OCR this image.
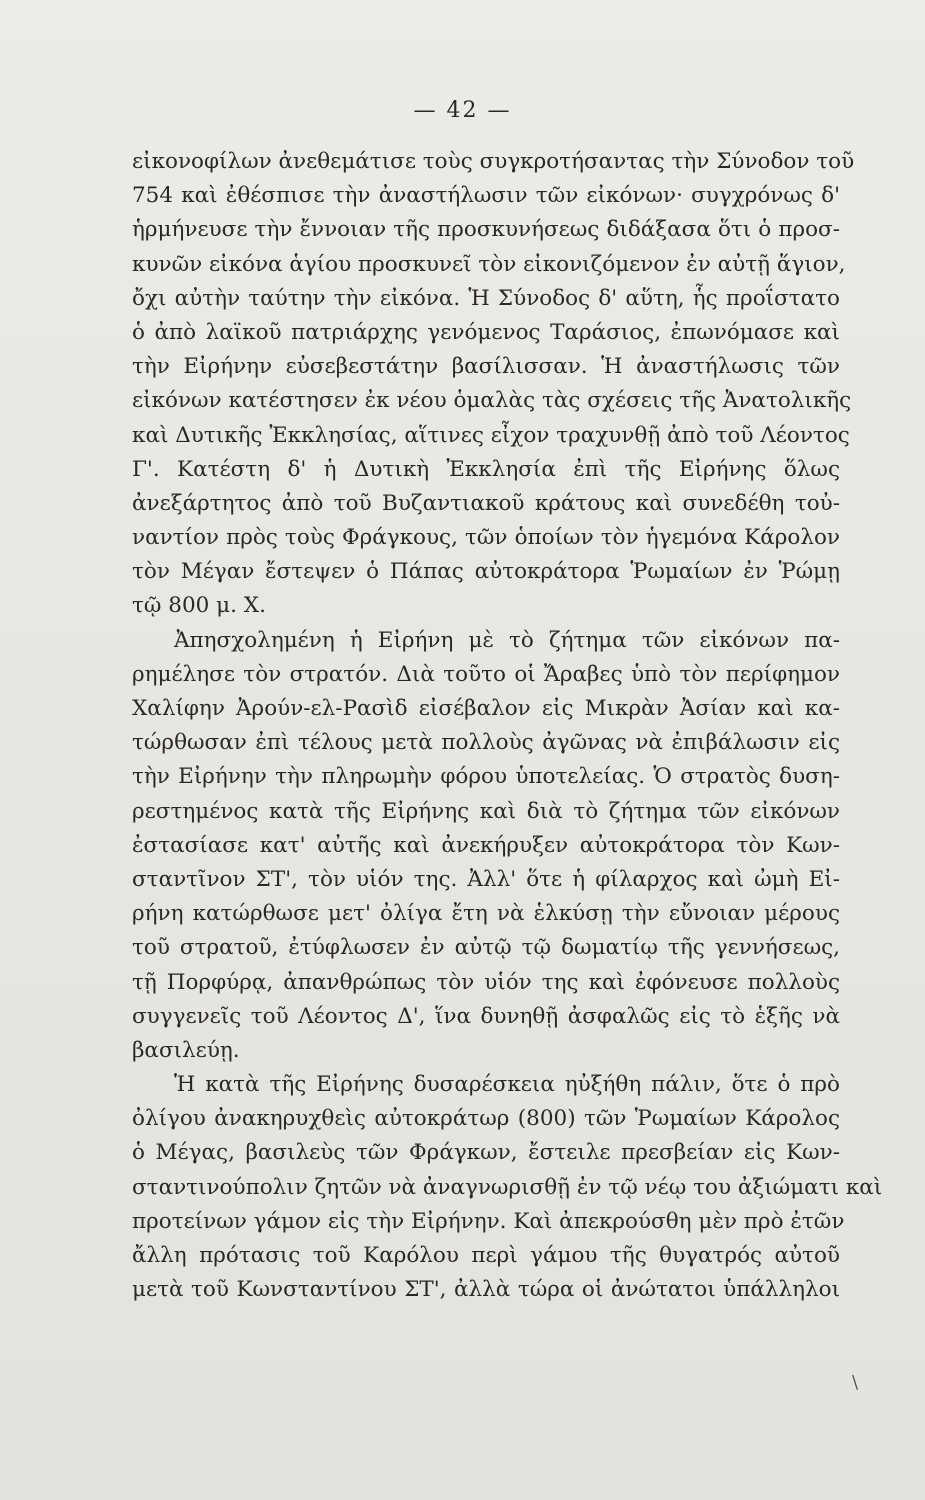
— 42 —
εἰκονοφίλων ἀνεθεμάτισε τοὺς συγκροτήσαντας τὴν Σύνοδον τοῦ
754 καὶ ἐθέσπισε τὴν ἀναστήλωσιν τῶν εἰκόνων· συγχρόνως δ'
ἡρμήνευσε τὴν ἔννοιαν τῆς προσκυνήσεως διδάξασα ὅτι ὁ προσ-
κυνῶν εἰκόνα ἁγίου προσκυνεῖ τὸν εἰκονιζόμενον ἐν αὐτῇ ἅγιον,
ὄχι αὐτὴν ταύτην τὴν εἰκόνα. Ἡ Σύνοδος δ' αὕτη, ἧς προΐστατο
ὁ ἀπὸ λαϊκοῦ πατριάρχης γενόμενος Ταράσιος, ἐπωνόμασε καὶ
τὴν Εἰρήνην εὐσεβεστάτην βασίλισσαν. Ἡ ἀναστήλωσις τῶν
εἰκόνων κατέστησεν ἐκ νέου ὁμαλὰς τὰς σχέσεις τῆς Ἀνατολικῆς
καὶ Δυτικῆς Ἐκκλησίας, αἵτινες εἶχον τραχυνθῇ ἀπὸ τοῦ Λέοντος
Γ'. Κατέστη δ' ἡ Δυτικὴ Ἐκκλησία ἐπὶ τῆς Εἰρήνης ὅλως
ἀνεξάρτητος ἀπὸ τοῦ Βυζαντιακοῦ κράτους καὶ συνεδέθη τοὐ-
ναντίον πρὸς τοὺς Φράγκους, τῶν ὁποίων τὸν ἡγεμόνα Κάρολον
τὸν Μέγαν ἔστεψεν ὁ Πάπας αὐτοκράτορα Ῥωμαίων ἐν Ῥώμῃ
τῷ 800 μ. Χ.
Ἀπησχολημένη ἡ Εἰρήνη μὲ τὸ ζήτημα τῶν εἰκόνων πα-
ρημέλησε τὸν στρατόν. Διὰ τοῦτο οἱ Ἄραβες ὑπὸ τὸν περίφημον
Χαλίφην Ἀρούν-ελ-Ρασὶδ εἰσέβαλον εἰς Μικρὰν Ἀσίαν καὶ κα-
τώρθωσαν ἐπὶ τέλους μετὰ πολλοὺς ἀγῶνας νὰ ἐπιβάλωσιν εἰς
τὴν Εἰρήνην τὴν πληρωμὴν φόρου ὑποτελείας. Ὁ στρατὸς δυση-
ρεστημένος κατὰ τῆς Εἰρήνης καὶ διὰ τὸ ζήτημα τῶν εἰκόνων
ἐστασίασε κατ' αὐτῆς καὶ ἀνεκήρυξεν αὐτοκράτορα τὸν Κων-
σταντῖνον ΣΤ', τὸν υἱόν της. Ἀλλ' ὅτε ἡ φίλαρχος καὶ ὠμὴ Εἰ-
ρήνη κατώρθωσε μετ' ὀλίγα ἔτη νὰ ἑλκύσῃ τὴν εὔνοιαν μέρους
τοῦ στρατοῦ, ἐτύφλωσεν ἐν αὐτῷ τῷ δωματίῳ τῆς γεννήσεως,
τῇ Πορφύρᾳ, ἀπανθρώπως τὸν υἱόν της καὶ ἐφόνευσε πολλοὺς
συγγενεῖς τοῦ Λέοντος Δ', ἵνα δυνηθῇ ἀσφαλῶς εἰς τὸ ἑξῆς νὰ
βασιλεύῃ.
Ἡ κατὰ τῆς Εἰρήνης δυσαρέσκεια ηὐξήθη πάλιν, ὅτε ὁ πρὸ
ὀλίγου ἀνακηρυχθεὶς αὐτοκράτωρ (800) τῶν Ῥωμαίων Κάρολος
ὁ Μέγας, βασιλεὺς τῶν Φράγκων, ἔστειλε πρεσβείαν εἰς Κων-
σταντινούπολιν ζητῶν νὰ ἀναγνωρισθῇ ἐν τῷ νέῳ του ἀξιώματι καὶ
προτείνων γάμον εἰς τὴν Εἰρήνην. Καὶ ἀπεκρούσθη μὲν πρὸ ἐτῶν
ἄλλη πρότασις τοῦ Καρόλου περὶ γάμου τῆς θυγατρός αὐτοῦ
μετὰ τοῦ Κωνσταντίνου ΣΤ', ἀλλὰ τώρα οἱ ἀνώτατοι ὑπάλληλοι
\
